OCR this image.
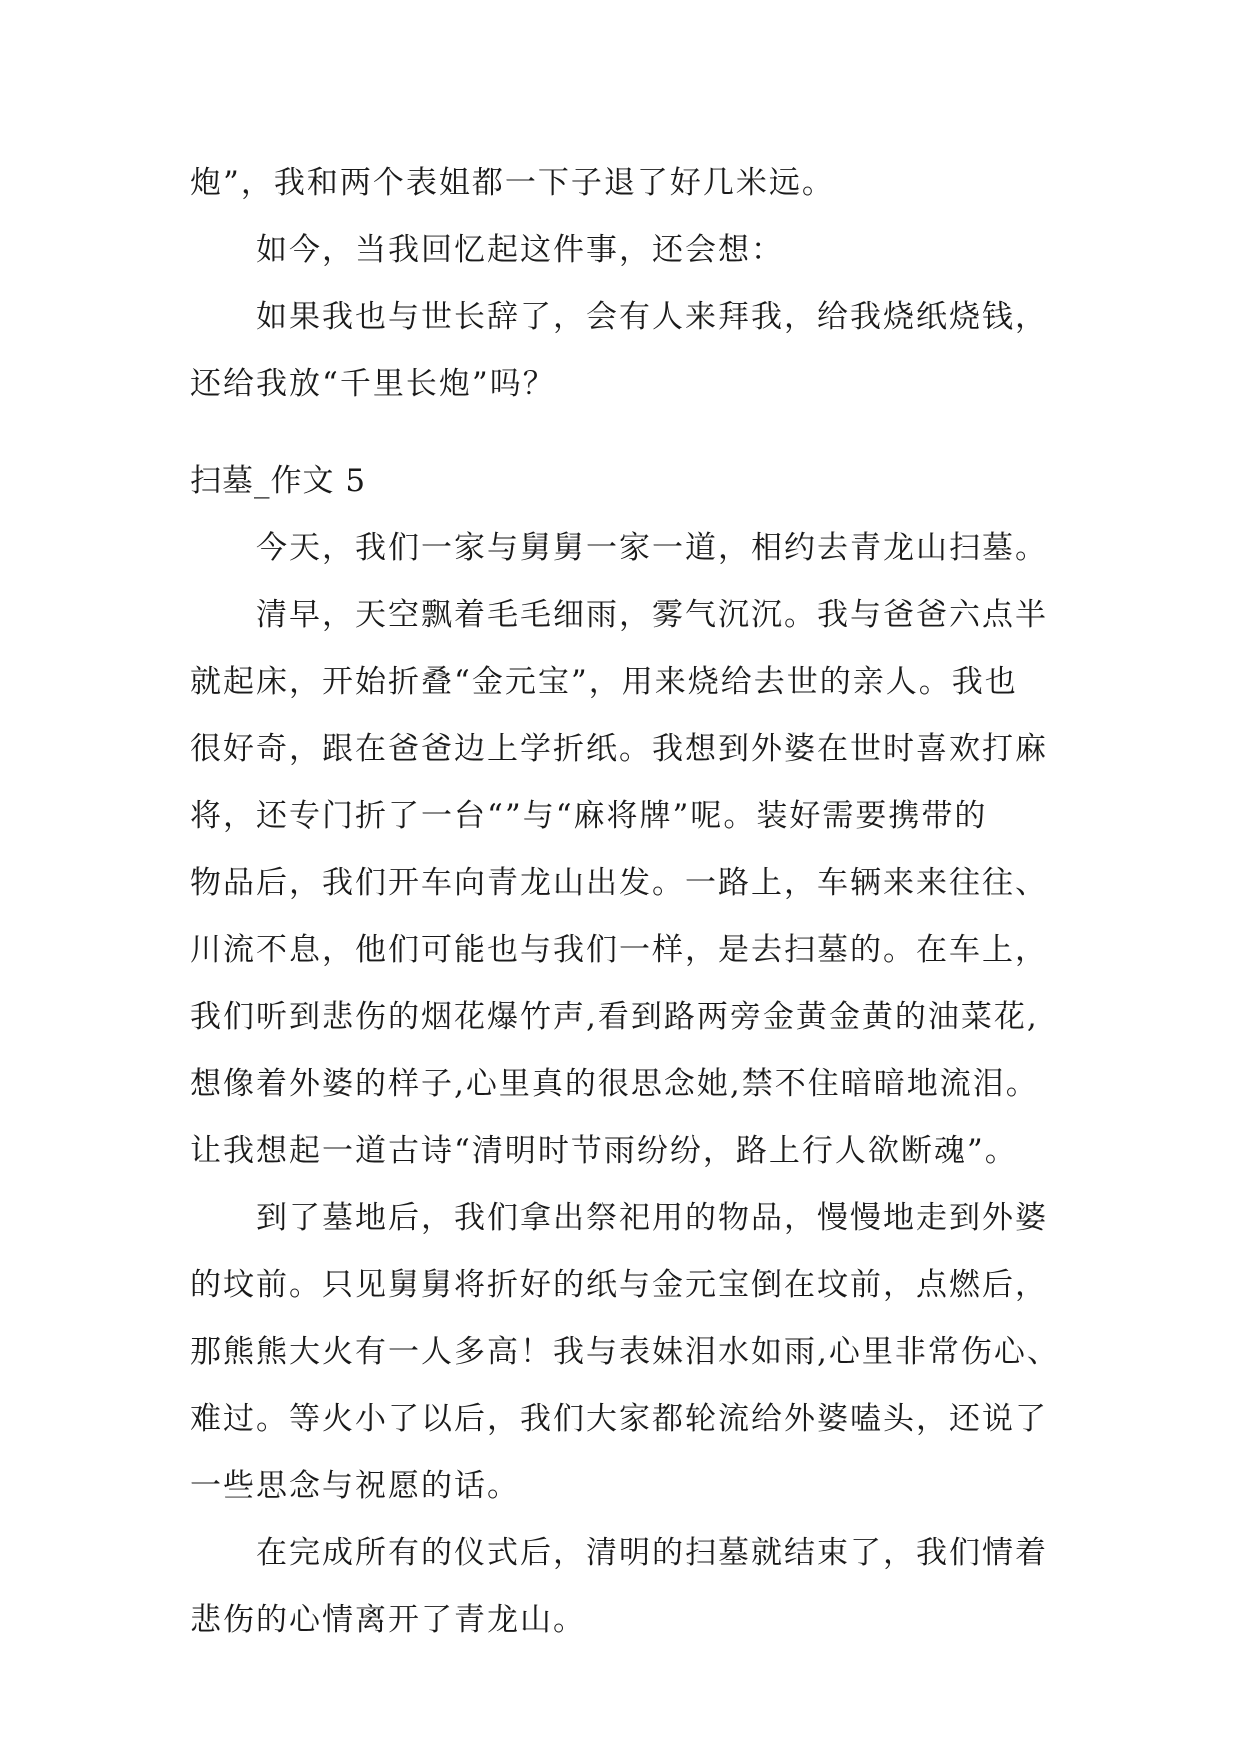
炮”，我和两个表姐都一下子退了好几米远。
如今，当我回忆起这件事，还会想：
如果我也与世长辞了，会有人来拜我，给我烧纸烧钱，
还给我放“千里长炮”吗？
扫墓_作文 5
今天，我们一家与舅舅一家一道，相约去青龙山扫墓。
清早，天空飘着毛毛细雨，雾气沉沉。我与爸爸六点半
就起床，开始折叠“金元宝”，用来烧给去世的亲人。我也
很好奇，跟在爸爸边上学折纸。我想到外婆在世时喜欢打麻
将，还专门折了一台“”与“麻将牌”呢。装好需要携带的
物品后，我们开车向青龙山出发。一路上，车辆来来往往、
川流不息，他们可能也与我们一样，是去扫墓的。在车上，
我们听到悲伤的烟花爆竹声,看到路两旁金黄金黄的油菜花,
想像着外婆的样子,心里真的很思念她,禁不住暗暗地流泪。
让我想起一道古诗“清明时节雨纷纷，路上行人欲断魂”。
到了墓地后，我们拿出祭祀用的物品，慢慢地走到外婆
的坟前。只见舅舅将折好的纸与金元宝倒在坟前，点燃后，
那熊熊大火有一人多高！我与表妹泪水如雨,心里非常伤心、
难过。等火小了以后，我们大家都轮流给外婆嗑头，还说了
一些思念与祝愿的话。
在完成所有的仪式后，清明的扫墓就结束了，我们情着
悲伤的心情离开了青龙山。
